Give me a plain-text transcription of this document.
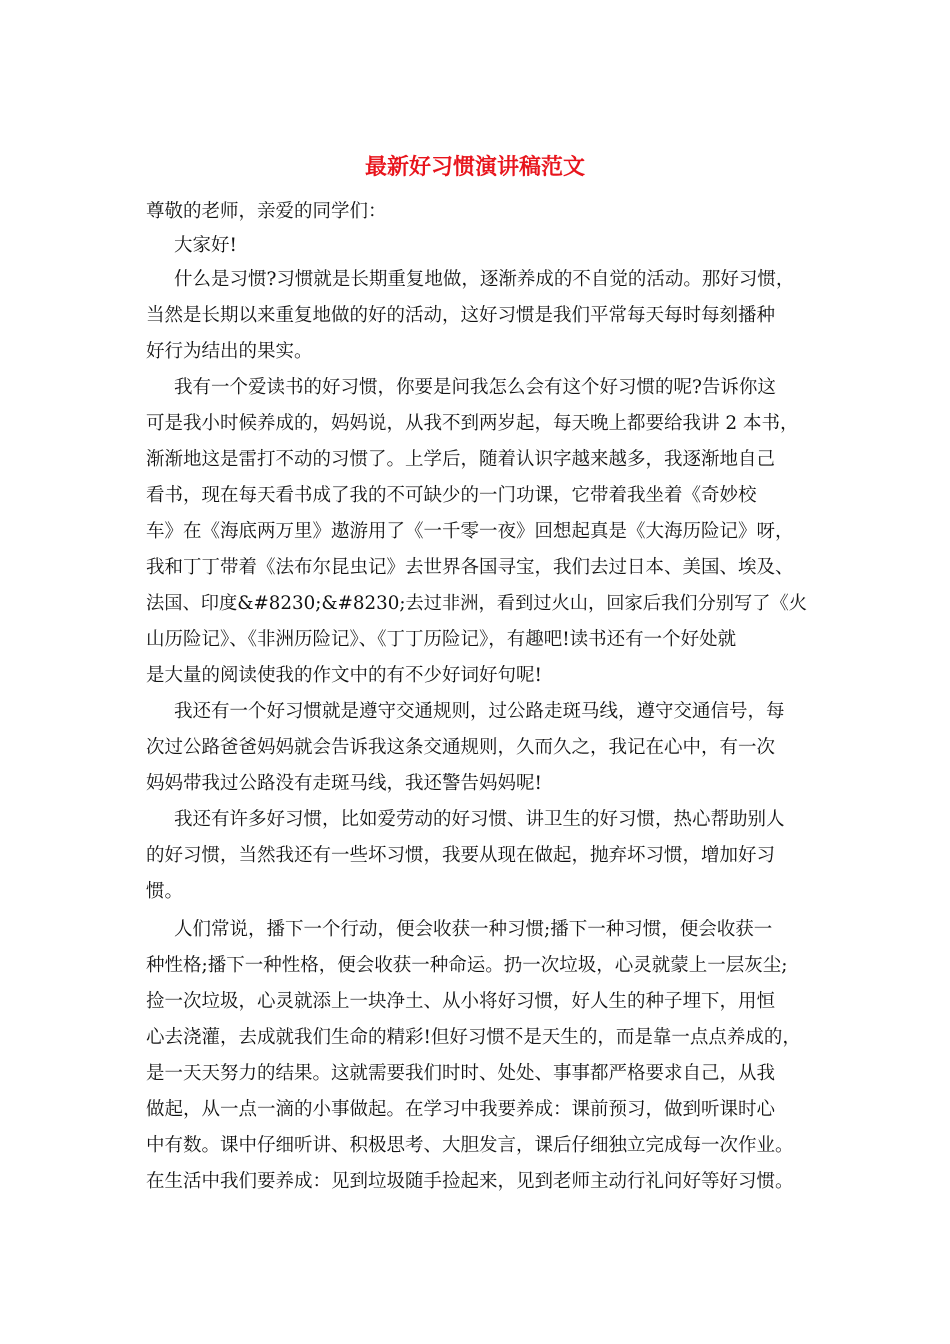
最新好习惯演讲稿范文
尊敬的老师，亲爱的同学们：
大家好!
什么是习惯?习惯就是长期重复地做，逐渐养成的不自觉的活动。那好习惯，
当然是长期以来重复地做的好的活动，这好习惯是我们平常每天每时每刻播种
好行为结出的果实。
我有一个爱读书的好习惯，你要是问我怎么会有这个好习惯的呢?告诉你这
可是我小时候养成的，妈妈说，从我不到两岁起，每天晚上都要给我讲 2 本书，
渐渐地这是雷打不动的习惯了。上学后，随着认识字越来越多，我逐渐地自己
看书，现在每天看书成了我的不可缺少的一门功课，它带着我坐着《奇妙校
车》在《海底两万里》遨游用了《一千零一夜》回想起真是《大海历险记》呀，
我和丁丁带着《法布尔昆虫记》去世界各国寻宝，我们去过日本、美国、埃及、
法国、印度&#8230;&#8230;去过非洲，看到过火山，回家后我们分别写了《火
山历险记》、《非洲历险记》、《丁丁历险记》，有趣吧!读书还有一个好处就
是大量的阅读使我的作文中的有不少好词好句呢!
我还有一个好习惯就是遵守交通规则，过公路走斑马线，遵守交通信号，每
次过公路爸爸妈妈就会告诉我这条交通规则，久而久之，我记在心中，有一次
妈妈带我过公路没有走斑马线，我还警告妈妈呢!
我还有许多好习惯，比如爱劳动的好习惯、讲卫生的好习惯，热心帮助别人
的好习惯，当然我还有一些坏习惯，我要从现在做起，抛弃坏习惯，增加好习
惯。
人们常说，播下一个行动，便会收获一种习惯;播下一种习惯，便会收获一
种性格;播下一种性格，便会收获一种命运。扔一次垃圾，心灵就蒙上一层灰尘;
捡一次垃圾，心灵就添上一块净土、从小将好习惯，好人生的种子埋下，用恒
心去浇灌，去成就我们生命的精彩!但好习惯不是天生的，而是靠一点点养成的，
是一天天努力的结果。这就需要我们时时、处处、事事都严格要求自己，从我
做起，从一点一滴的小事做起。在学习中我要养成：课前预习，做到听课时心
中有数。课中仔细听讲、积极思考、大胆发言，课后仔细独立完成每一次作业。
在生活中我们要养成：见到垃圾随手捡起来，见到老师主动行礼问好等好习惯。
